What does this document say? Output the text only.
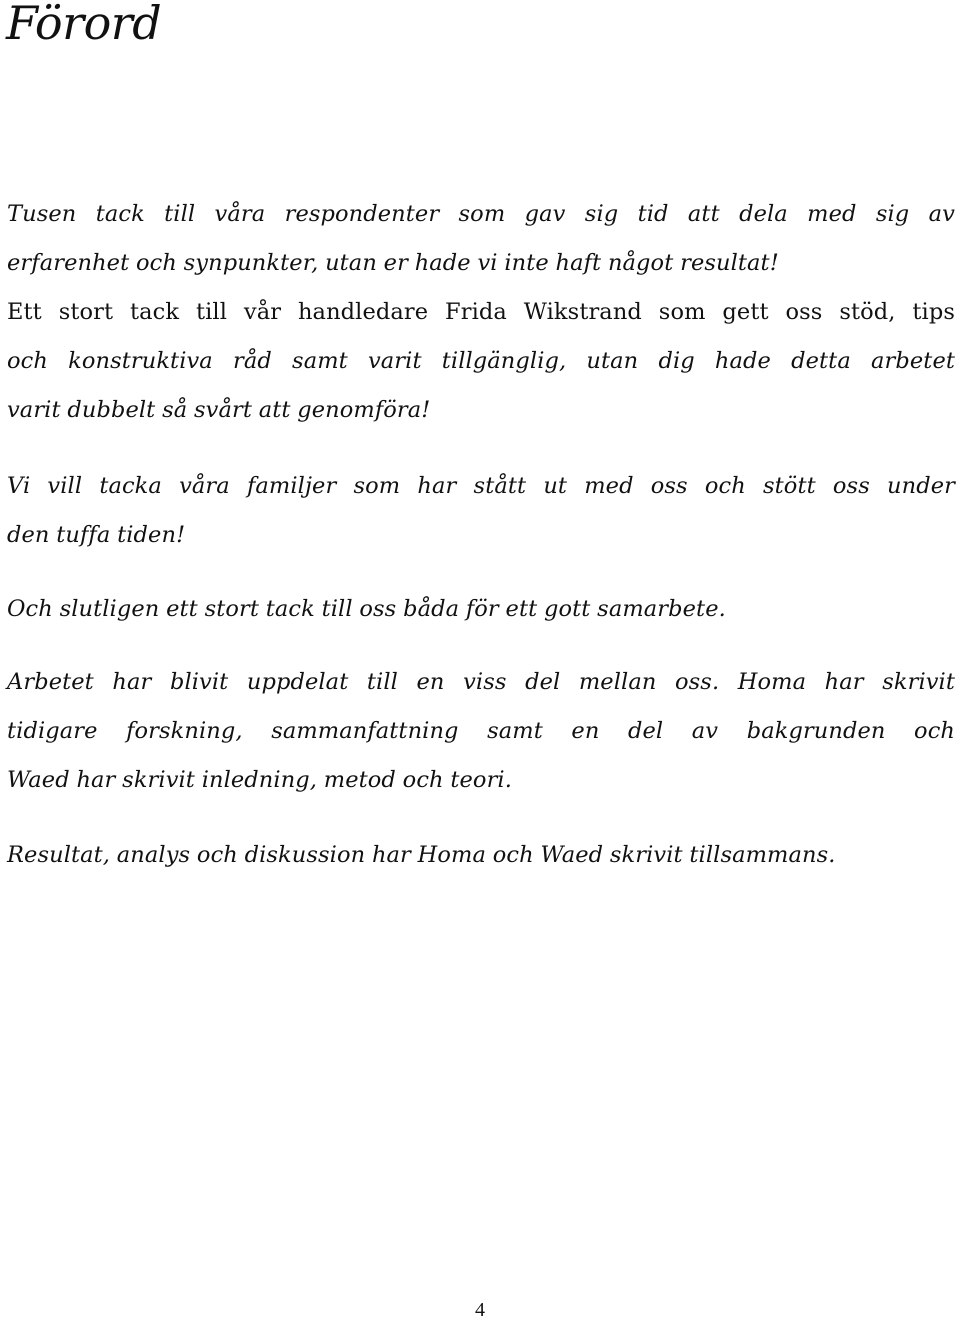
Förord

Tusen tack till våra respondenter som gav sig tid att dela med sig av
erfarenhet och synpunkter, utan er hade vi inte haft något resultat!
Ett stort tack till vår handledare Frida Wikstrand som gett oss stöd, tips
och konstruktiva råd samt varit tillgänglig, utan dig hade detta arbetet
varit dubbelt så svårt att genomföra!

Vi vill tacka våra familjer som har stått ut med oss och stött oss under
den tuffa tiden!

Och slutligen ett stort tack till oss båda för ett gott samarbete.

Arbetet har blivit uppdelat till en viss del mellan oss. Homa har skrivit
tidigare forskning, sammanfattning samt en del av bakgrunden och
Waed har skrivit inledning, metod och teori.

Resultat, analys och diskussion har Homa och Waed skrivit tillsammans.

4
